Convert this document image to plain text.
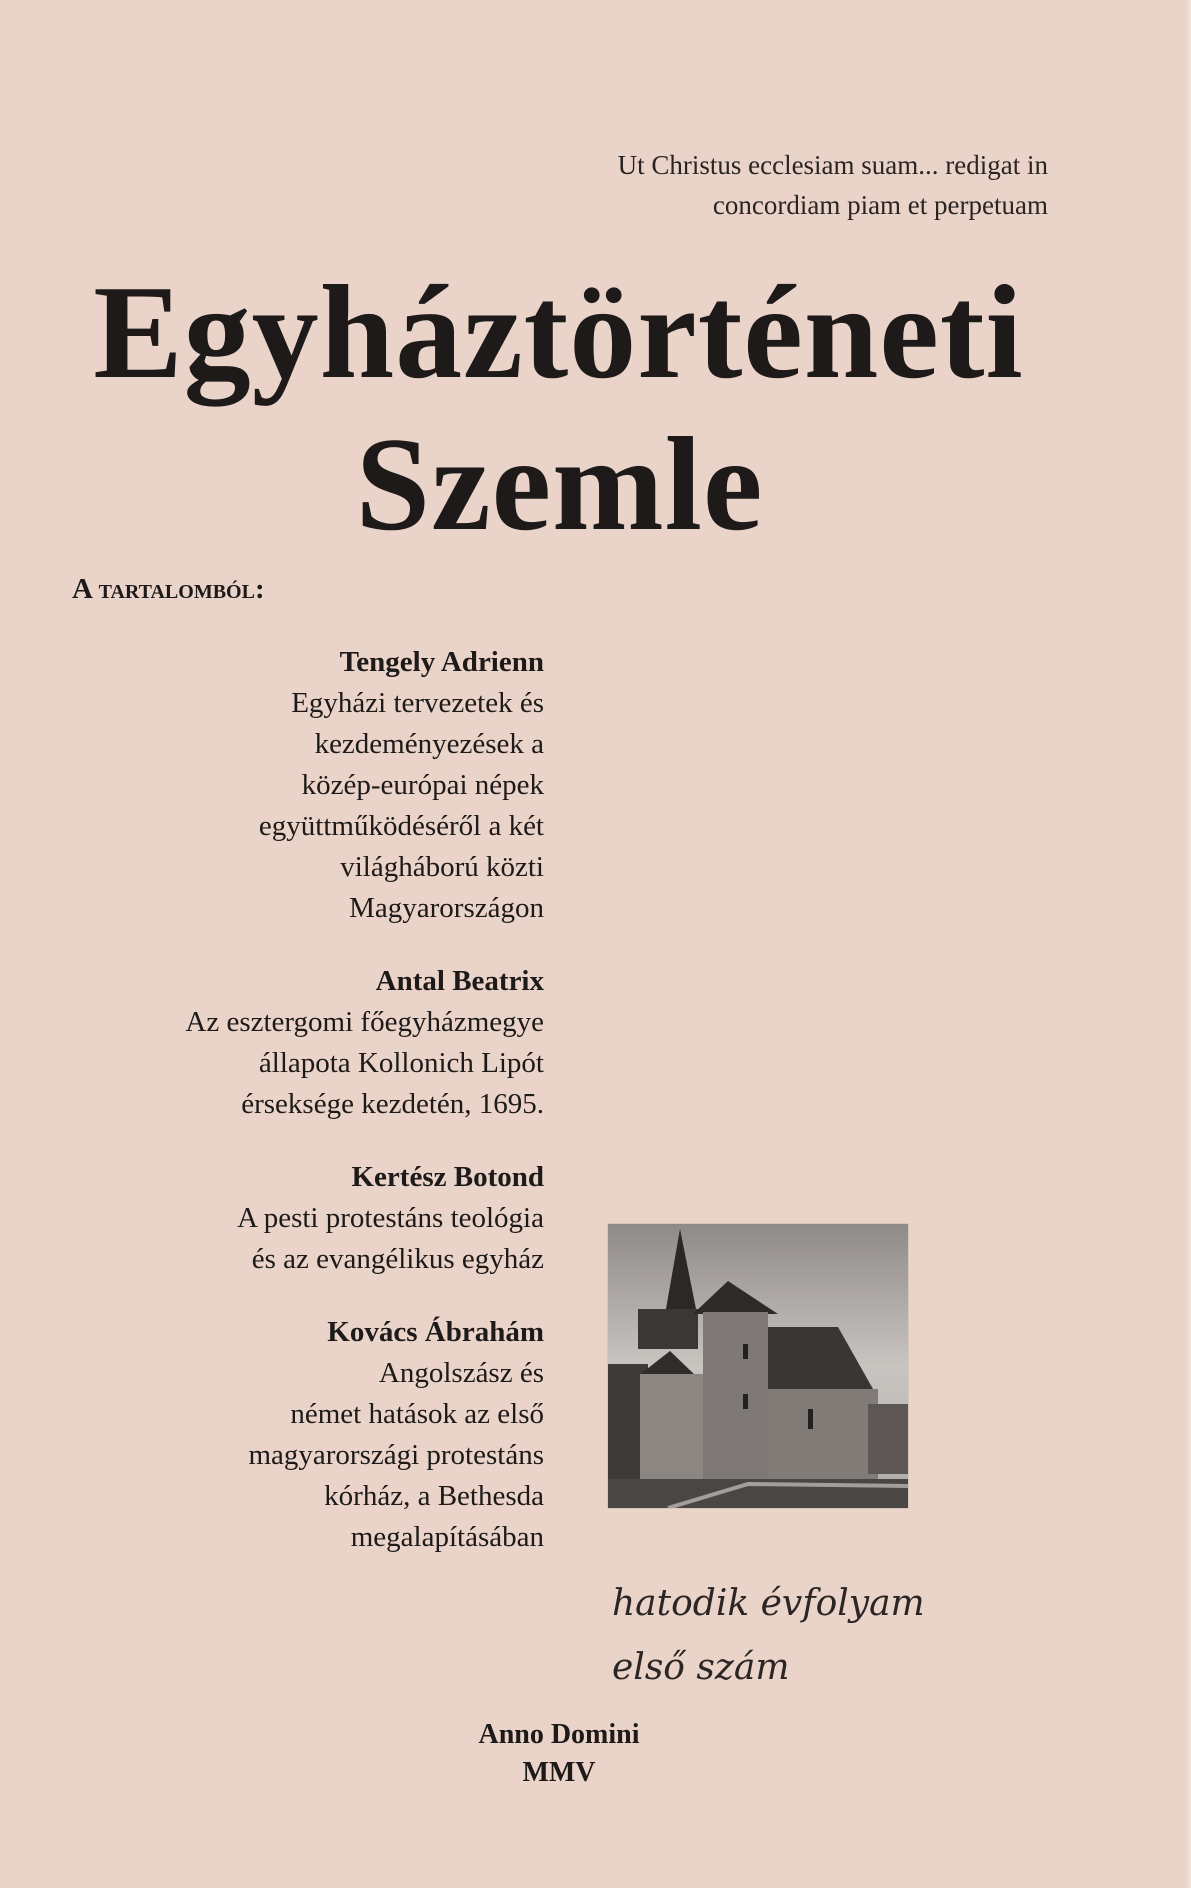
Ut Christus ecclesiam suam... redigat in
concordiam piam et perpetuam
Egyháztörténeti
Szemle
A tartalomból:
Tengely Adrienn
Egyházi tervezetek és
kezdeményezések a
közép-európai népek
együttműködéséről a két
világháború közti
Magyarországon
Antal Beatrix
Az esztergomi főegyházmegye
állapota Kollonich Lipót
érseksége kezdetén, 1695.
Kertész Botond
A pesti protestáns teológia
és az evangélikus egyház
Kovács Ábrahám
Angolszász és
német hatások az első
magyarországi protestáns
kórház, a Bethesda
megalapításában
hatodik évfolyam
első szám
Anno Domini
MMV
